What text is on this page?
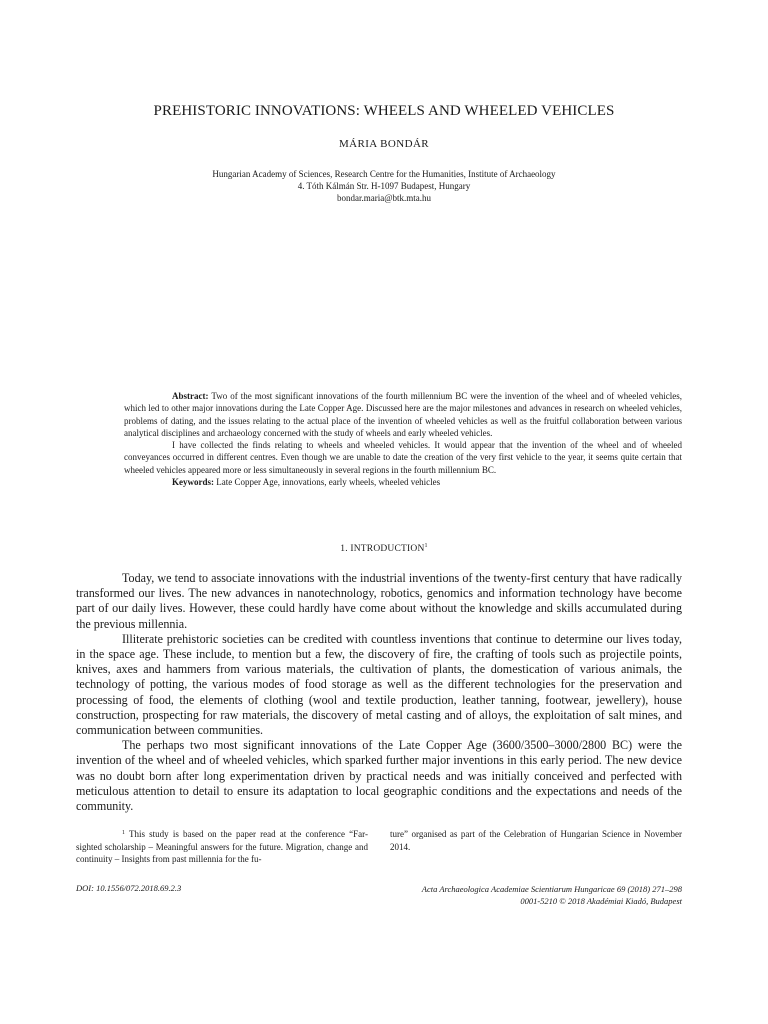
PREHISTORIC INNOVATIONS: WHEELS AND WHEELED VEHICLES
MÁRIA BONDÁR
Hungarian Academy of Sciences, Research Centre for the Humanities, Institute of Archaeology
4. Tóth Kálmán Str. H-1097 Budapest, Hungary
bondar.maria@btk.mta.hu

Abstract: Two of the most significant innovations of the fourth millennium BC were the invention of the wheel and of wheeled vehicles, which led to other major innovations during the Late Copper Age. Discussed here are the major milestones and advances in research on wheeled vehicles, problems of dating, and the issues relating to the actual place of the invention of wheeled vehicles as well as the fruitful collaboration between various analytical disciplines and archaeology concerned with the study of wheels and early wheeled vehicles.

I have collected the finds relating to wheels and wheeled vehicles. It would appear that the invention of the wheel and of wheeled conveyances occurred in different centres. Even though we are unable to date the creation of the very first vehicle to the year, it seems quite certain that wheeled vehicles appeared more or less simultaneously in several regions in the fourth millennium BC.

Keywords: Late Copper Age, innovations, early wheels, wheeled vehicles

1. INTRODUCTION$^1$

Today, we tend to associate innovations with the industrial inventions of the twenty-first century that have radically transformed our lives. The new advances in nanotechnology, robotics, genomics and information technology have become part of our daily lives. However, these could hardly have come about without the knowledge and skills accumulated during the previous millennia.

Illiterate prehistoric societies can be credited with countless inventions that continue to determine our lives today, in the space age. These include, to mention but a few, the discovery of fire, the crafting of tools such as projectile points, knives, axes and hammers from various materials, the cultivation of plants, the domestication of various animals, the technology of potting, the various modes of food storage as well as the different technologies for the preservation and processing of food, the elements of clothing (wool and textile production, leather tanning, footwear, jewellery), house construction, prospecting for raw materials, the discovery of metal casting and of alloys, the exploitation of salt mines, and communication between communities.

The perhaps two most significant innovations of the Late Copper Age (3600/3500–3000/2800 BC) were the invention of the wheel and of wheeled vehicles, which sparked further major inventions in this early period. The new device was no doubt born after long experimentation driven by practical needs and was initially conceived and perfected with meticulous attention to detail to ensure its adaptation to local geographic conditions and the expectations and needs of the community.

$^1$ This study is based on the paper read at the conference “Far-sighted scholarship – Meaningful answers for the future. Migration, change and continuity – Insights from past millennia for the fu-
ture” organised as part of the Celebration of Hungarian Science in November 2014.
DOI: 10.1556/072.2018.69.2.3	Acta Archaeologica Academiae Scientiarum Hungaricae 69 (2018) 271–298
0001-5210 © 2018 Akadémiai Kiadó, Budapest
